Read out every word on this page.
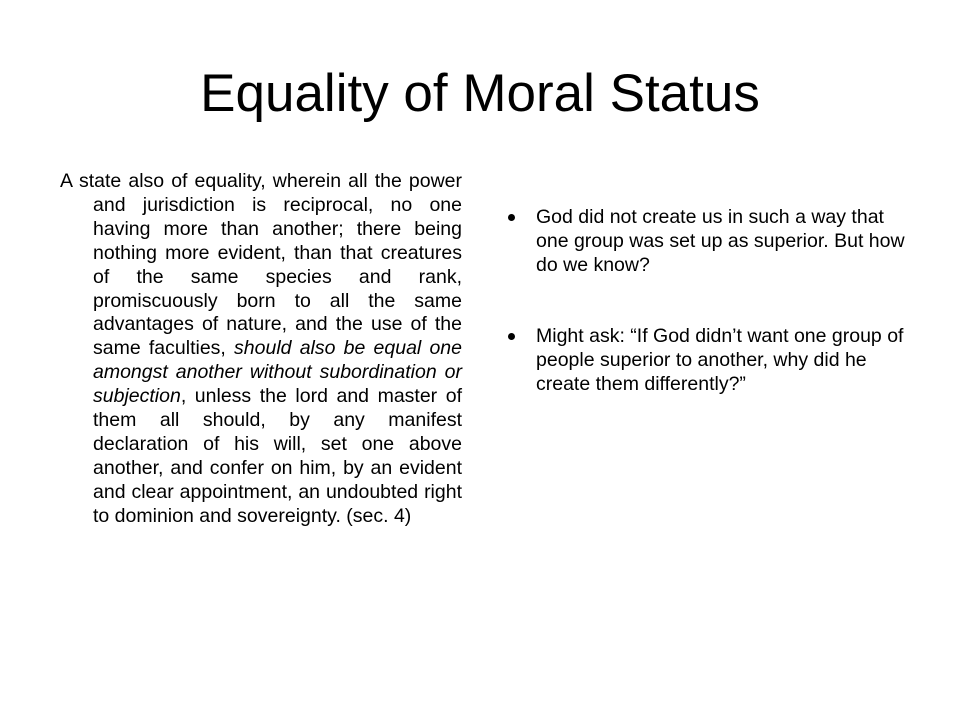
Equality of Moral Status

A state also of equality, wherein all the power and jurisdiction is reciprocal, no one having more than another; there being nothing more evident, than that creatures of the same species and rank, promiscuously born to all the same advantages of nature, and the use of the same faculties, should also be equal one amongst another without subordination or subjection, unless the lord and master of them all should, by any manifest declaration of his will, set one above another, and confer on him, by an evident and clear appointment, an undoubted right to dominion and sovereignty. (sec. 4)

God did not create us in such a way that one group was set up as superior. But how do we know?
Might ask: “If God didn’t want one group of people superior to another, why did he create them differently?”
